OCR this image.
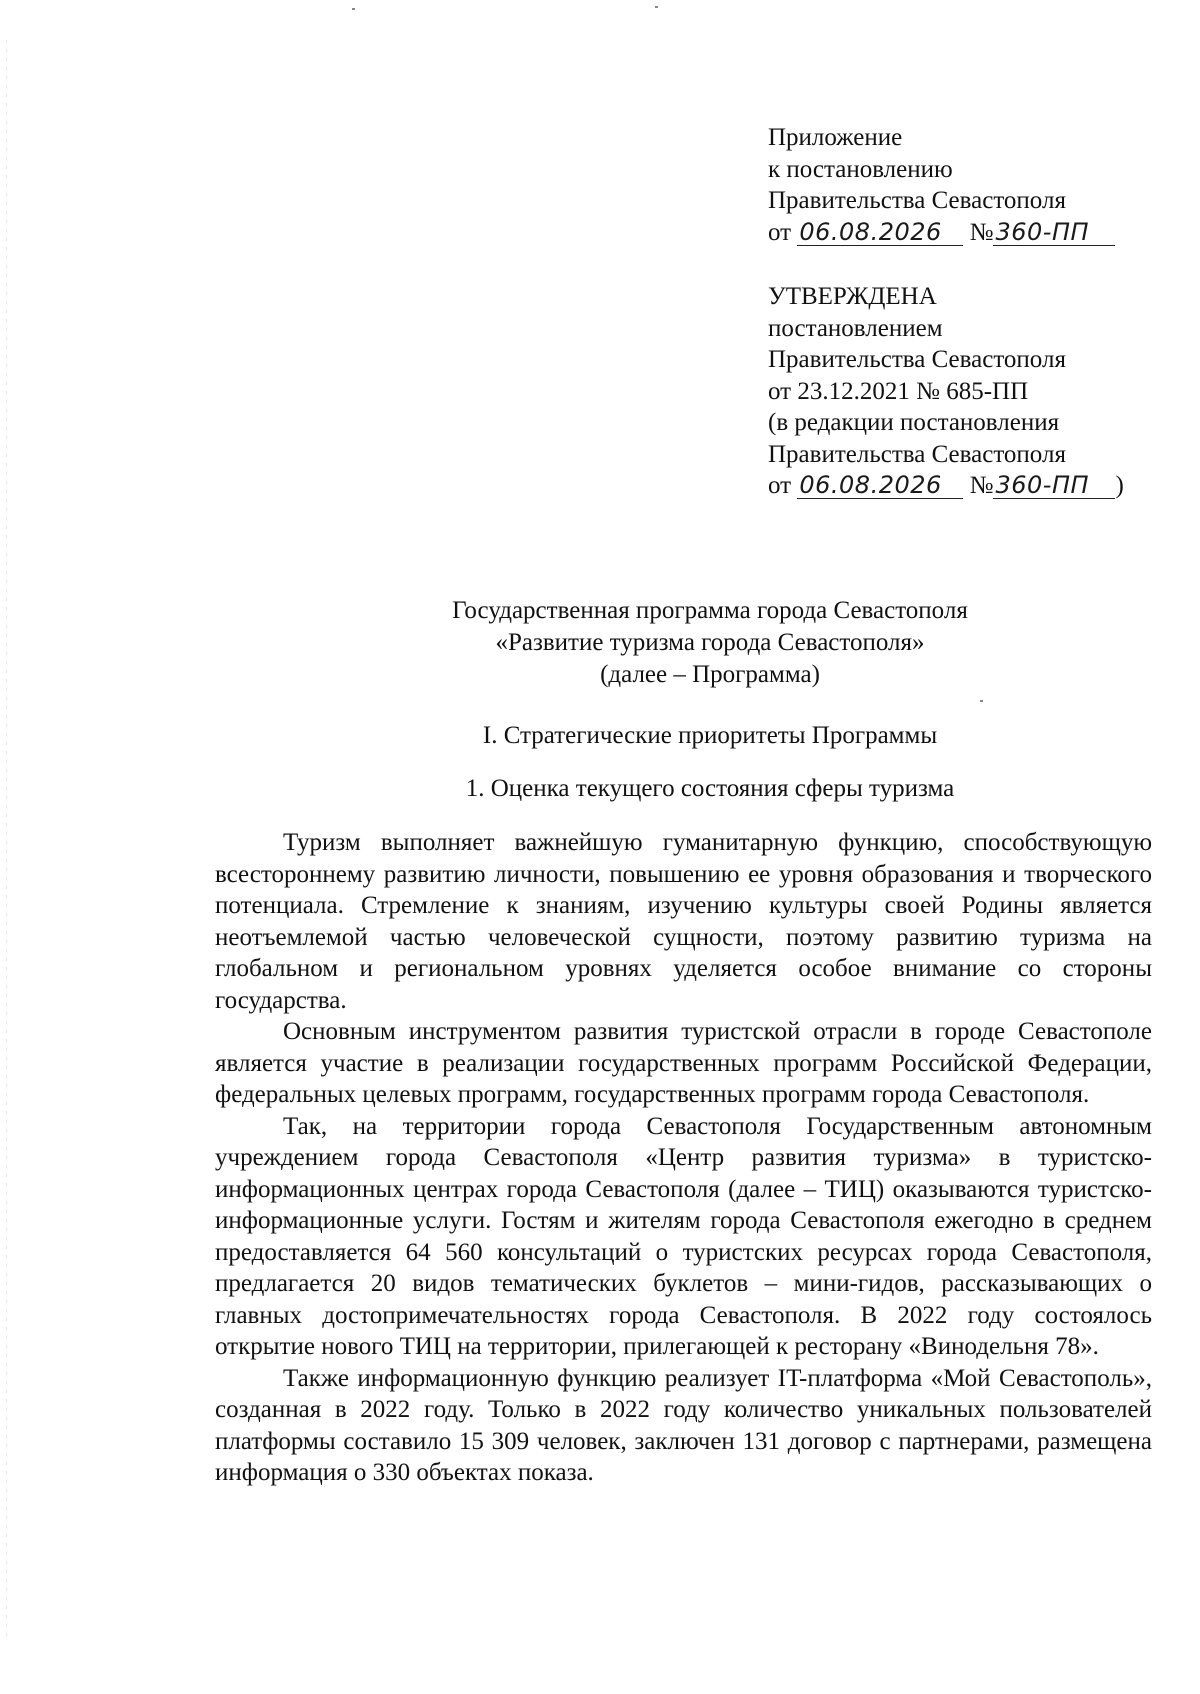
Приложение
к постановлению
Правительства Севастополя
от 06.08.2026 №360-ПП
УТВЕРЖДЕНА
постановлением
Правительства Севастополя
от 23.12.2021 № 685-ПП
(в редакции постановления
Правительства Севастополя
от 06.08.2026 №360-ПП )
Государственная программа города Севастополя
«Развитие туризма города Севастополя»
(далее – Программа)
I. Стратегические приоритеты Программы
1. Оценка текущего состояния сферы туризма

Туризм выполняет важнейшую гуманитарную функцию, способствующую всестороннему развитию личности, повышению ее уровня образования и творческого потенциала. Стремление к знаниям, изучению культуры своей Родины является неотъемлемой частью человеческой сущности, поэтому развитию туризма на глобальном и региональном уровнях уделяется особое внимание со стороны государства.

Основным инструментом развития туристской отрасли в городе Севастополе является участие в реализации государственных программ Российской Федерации, федеральных целевых программ, государственных программ города Севастополя.

Так, на территории города Севастополя Государственным автономным учреждением города Севастополя «Центр развития туризма» в туристско-информационных центрах города Севастополя (далее – ТИЦ) оказываются туристско-информационные услуги. Гостям и жителям города Севастополя ежегодно в среднем предоставляется 64 560 консультаций о туристских ресурсах города Севастополя, предлагается 20 видов тематических буклетов – мини-гидов, рассказывающих о главных достопримечательностях города Севастополя. В 2022 году состоялось открытие нового ТИЦ на территории, прилегающей к ресторану «Винодельня 78».

Также информационную функцию реализует IT-платформа «Мой Севастополь», созданная в 2022 году. Только в 2022 году количество уникальных пользователей платформы составило 15 309 человек, заключен 131 договор с партнерами, размещена информация о 330 объектах показа.
